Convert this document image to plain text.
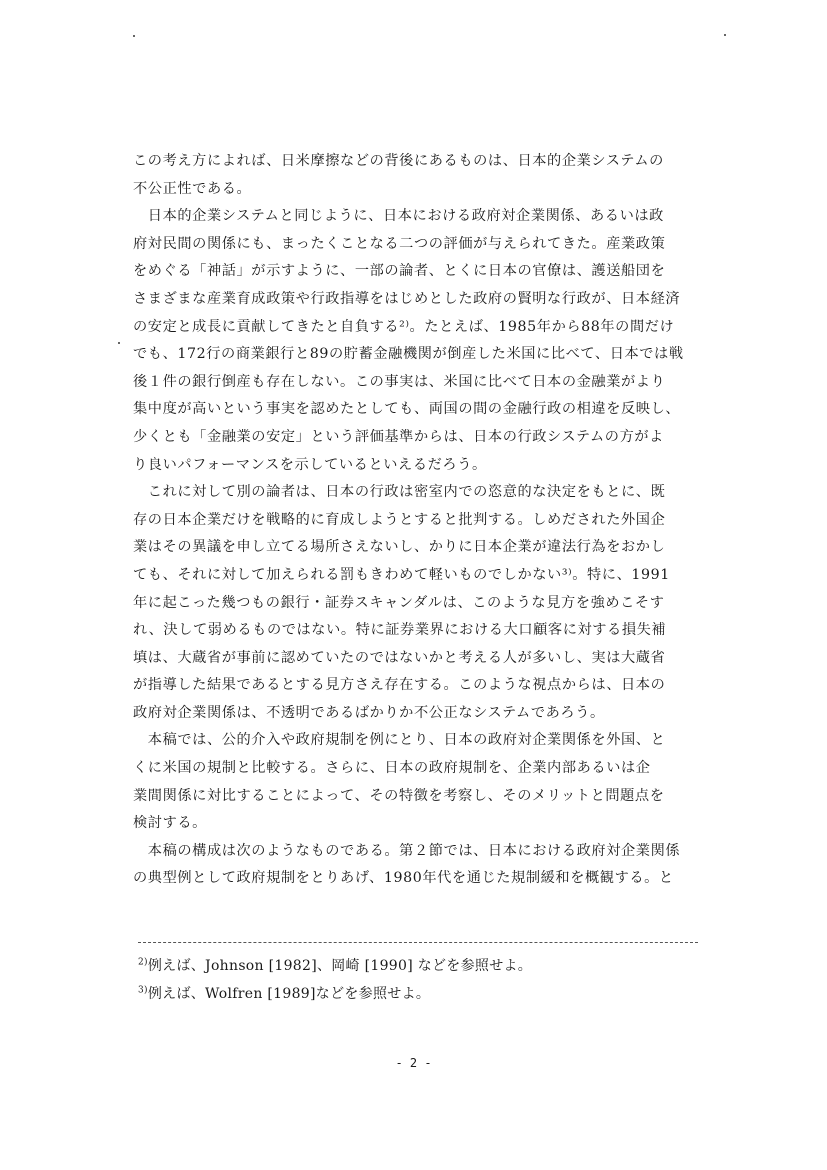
この考え方によれば、日米摩擦などの背後にあるものは、日本的企業システムの
不公正性である。
　日本的企業システムと同じように、日本における政府対企業関係、あるいは政
府対民間の関係にも、まったくことなる二つの評価が与えられてきた。産業政策
をめぐる「神話」が示すように、一部の論者、とくに日本の官僚は、護送船団を
さまざまな産業育成政策や行政指導をはじめとした政府の賢明な行政が、日本経済
の安定と成長に貢献してきたと自負する²⁾。たとえば、1985年から88年の間だけ
でも、172行の商業銀行と89の貯蓄金融機関が倒産した米国に比べて、日本では戦
後１件の銀行倒産も存在しない。この事実は、米国に比べて日本の金融業がより
集中度が高いという事実を認めたとしても、両国の間の金融行政の相違を反映し、
少くとも「金融業の安定」という評価基準からは、日本の行政システムの方がよ
り良いパフォーマンスを示しているといえるだろう。
　これに対して別の論者は、日本の行政は密室内での恣意的な決定をもとに、既
存の日本企業だけを戦略的に育成しようとすると批判する。しめだされた外国企
業はその異議を申し立てる場所さえないし、かりに日本企業が違法行為をおかし
ても、それに対して加えられる罰もきわめて軽いものでしかない³⁾。特に、1991
年に起こった幾つもの銀行・証券スキャンダルは、このような見方を強めこそす
れ、決して弱めるものではない。特に証券業界における大口顧客に対する損失補
填は、大蔵省が事前に認めていたのではないかと考える人が多いし、実は大蔵省
が指導した結果であるとする見方さえ存在する。このような視点からは、日本の
政府対企業関係は、不透明であるばかりか不公正なシステムであろう。
　本稿では、公的介入や政府規制を例にとり、日本の政府対企業関係を外国、と
くに米国の規制と比較する。さらに、日本の政府規制を、企業内部あるいは企
業間関係に対比することによって、その特徴を考察し、そのメリットと問題点を
検討する。
　本稿の構成は次のようなものである。第２節では、日本における政府対企業関係
の典型例として政府規制をとりあげ、1980年代を通じた規制緩和を概観する。と
$^{2)}$例えば、Johnson [1982]、岡崎 [1990] などを参照せよ。
$^{3)}$例えば、Wolfren [1989]などを参照せよ。
- 2 -
